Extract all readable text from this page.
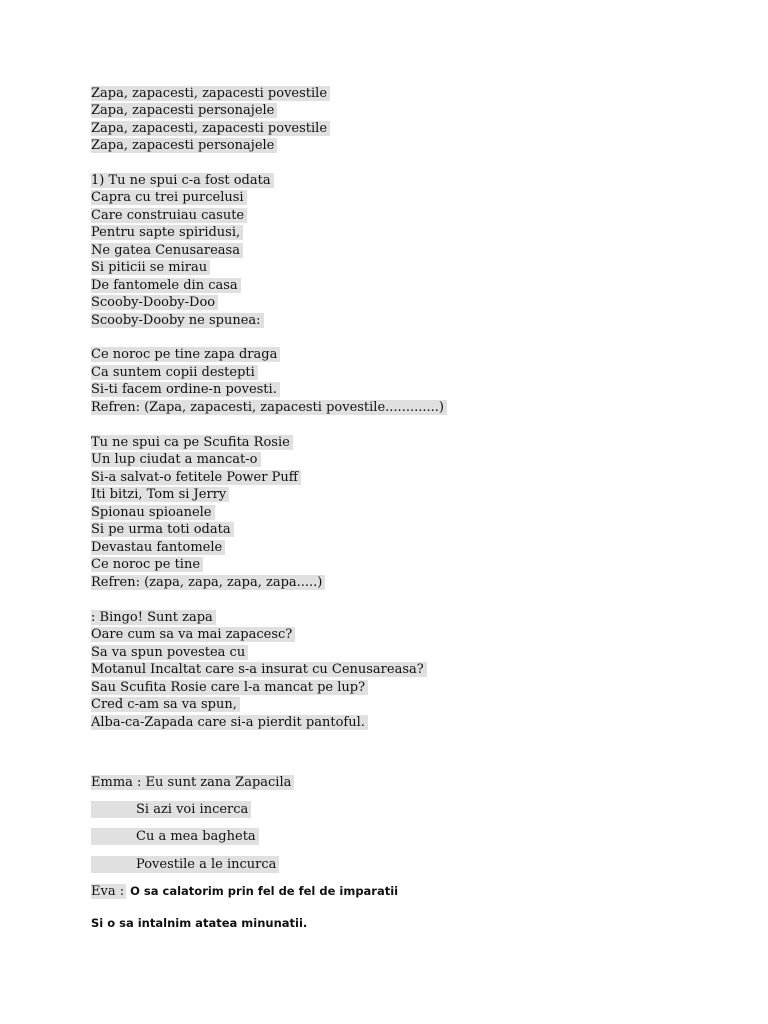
Zapa, zapacesti, zapacesti povestile
Zapa, zapacesti personajele
Zapa, zapacesti, zapacesti povestile
Zapa, zapacesti personajele
1) Tu ne spui c-a fost odata
Capra cu trei purcelusi
Care construiau casute
Pentru sapte spiridusi,
Ne gatea Cenusareasa
Si piticii se mirau
De fantomele din casa
Scooby-Dooby-Doo
Scooby-Dooby ne spunea:
Ce noroc pe tine zapa draga
Ca suntem copii destepti
Si-ti facem ordine-n povesti.
Refren: (Zapa, zapacesti, zapacesti povestile.............)
Tu ne spui ca pe Scufita Rosie
Un lup ciudat a mancat-o
Si-a salvat-o fetitele Power Puff
Iti bitzi, Tom si Jerry
Spionau spioanele
Si pe urma toti odata
Devastau fantomele
Ce noroc pe tine
Refren: (zapa, zapa, zapa, zapa.....)
: Bingo! Sunt zapa
Oare cum sa va mai zapacesc?
Sa va spun povestea cu
Motanul Incaltat care s-a insurat cu Cenusareasa?
Sau Scufita Rosie care l-a mancat pe lup?
Cred c-am sa va spun,
Alba-ca-Zapada care si-a pierdit pantoful.
Emma : Eu sunt zana Zapacila
Si azi voi incerca
Cu a mea bagheta
Povestile a le incurca
Eva : O sa calatorim prin fel de fel de imparatii
Si o sa intalnim atatea minunatii.
